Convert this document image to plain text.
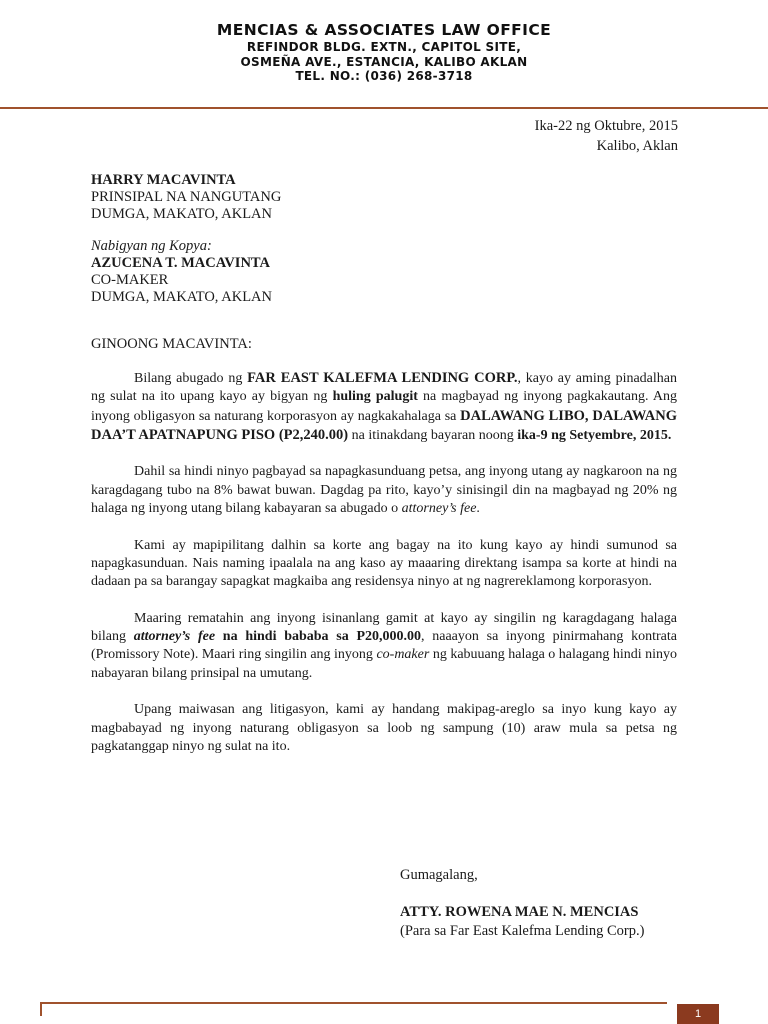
MENCIAS & ASSOCIATES LAW OFFICE
REFINDOR BLDG. EXTN., CAPITOL SITE,
OSMEÑA AVE., ESTANCIA, KALIBO AKLAN
TEL. NO.: (036) 268-3718
Ika-22 ng Oktubre, 2015
Kalibo, Aklan
HARRY MACAVINTA
PRINSIPAL NA NANGUTANG
DUMGA, MAKATO, AKLAN
Nabigyan ng Kopya:
AZUCENA T. MACAVINTA
CO-MAKER
DUMGA, MAKATO, AKLAN
GINOONG MACAVINTA:

Bilang abugado ng FAR EAST KALEFMA LENDING CORP., kayo ay aming pinadalhan ng sulat na ito upang kayo ay bigyan ng huling palugit na magbayad ng inyong pagkakautang. Ang inyong obligasyon sa naturang korporasyon ay nagkakahalaga sa DALAWANG LIBO, DALAWANG DAA’T APATNAPUNG PISO (P2,240.00) na itinakdang bayaran noong ika-9 ng Setyembre, 2015.

Dahil sa hindi ninyo pagbayad sa napagkasunduang petsa, ang inyong utang ay nagkaroon na ng karagdagang tubo na 8% bawat buwan. Dagdag pa rito, kayo’y sinisingil din na magbayad ng 20% ng halaga ng inyong utang bilang kabayaran sa abugado o attorney’s fee.

Kami ay mapipilitang dalhin sa korte ang bagay na ito kung kayo ay hindi sumunod sa napagkasunduan. Nais naming ipaalala na ang kaso ay maaaring direktang isampa sa korte at hindi na dadaan pa sa barangay sapagkat magkaiba ang residensya ninyo at ng nagrereklamong korporasyon.

Maaring rematahin ang inyong isinanlang gamit at kayo ay singilin ng karagdagang halaga bilang attorney’s fee na hindi bababa sa P20,000.00, naaayon sa inyong pinirmahang kontrata (Promissory Note). Maari ring singilin ang inyong co-maker ng kabuuang halaga o halagang hindi ninyo nabayaran bilang prinsipal na umutang.

Upang maiwasan ang litigasyon, kami ay handang makipag-areglo sa inyo kung kayo ay magbabayad ng inyong naturang obligasyon sa loob ng sampung (10) araw mula sa petsa ng pagkatanggap ninyo ng sulat na ito.

Gumagalang,
ATTY. ROWENA MAE N. MENCIAS
(Para sa Far East Kalefma Lending Corp.)
1
